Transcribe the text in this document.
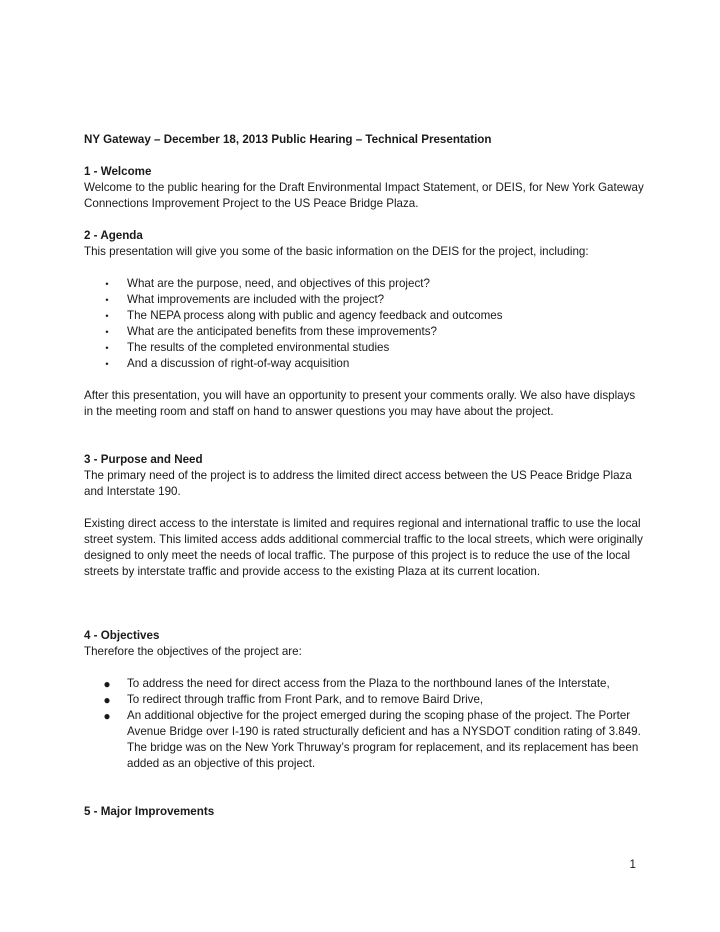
NY Gateway – December 18, 2013 Public Hearing – Technical Presentation

1 - Welcome

Welcome to the public hearing for the Draft Environmental Impact Statement, or DEIS, for New York Gateway Connections Improvement Project to the US Peace Bridge Plaza.

2 - Agenda

This presentation will give you some of the basic information on the DEIS for the project, including:

• What are the purpose, need, and objectives of this project?
• What improvements are included with the project?
• The NEPA process along with public and agency feedback and outcomes
• What are the anticipated benefits from these improvements?
• The results of the completed environmental studies
• And a discussion of right-of-way acquisition

After this presentation, you will have an opportunity to present your comments orally. We also have displays in the meeting room and staff on hand to answer questions you may have about the project.

3 - Purpose and Need

The primary need of the project is to address the limited direct access between the US Peace Bridge Plaza and Interstate 190.

Existing direct access to the interstate is limited and requires regional and international traffic to use the local street system. This limited access adds additional commercial traffic to the local streets, which were originally designed to only meet the needs of local traffic. The purpose of this project is to reduce the use of the local streets by interstate traffic and provide access to the existing Plaza at its current location.

4 - Objectives

Therefore the objectives of the project are:

● To address the need for direct access from the Plaza to the northbound lanes of the Interstate,
● To redirect through traffic from Front Park, and to remove Baird Drive,
● An additional objective for the project emerged during the scoping phase of the project. The Porter Avenue Bridge over I-190 is rated structurally deficient and has a NYSDOT condition rating of 3.849. The bridge was on the New York Thruway’s program for replacement, and its replacement has been added as an objective of this project.

5 - Major Improvements

1
